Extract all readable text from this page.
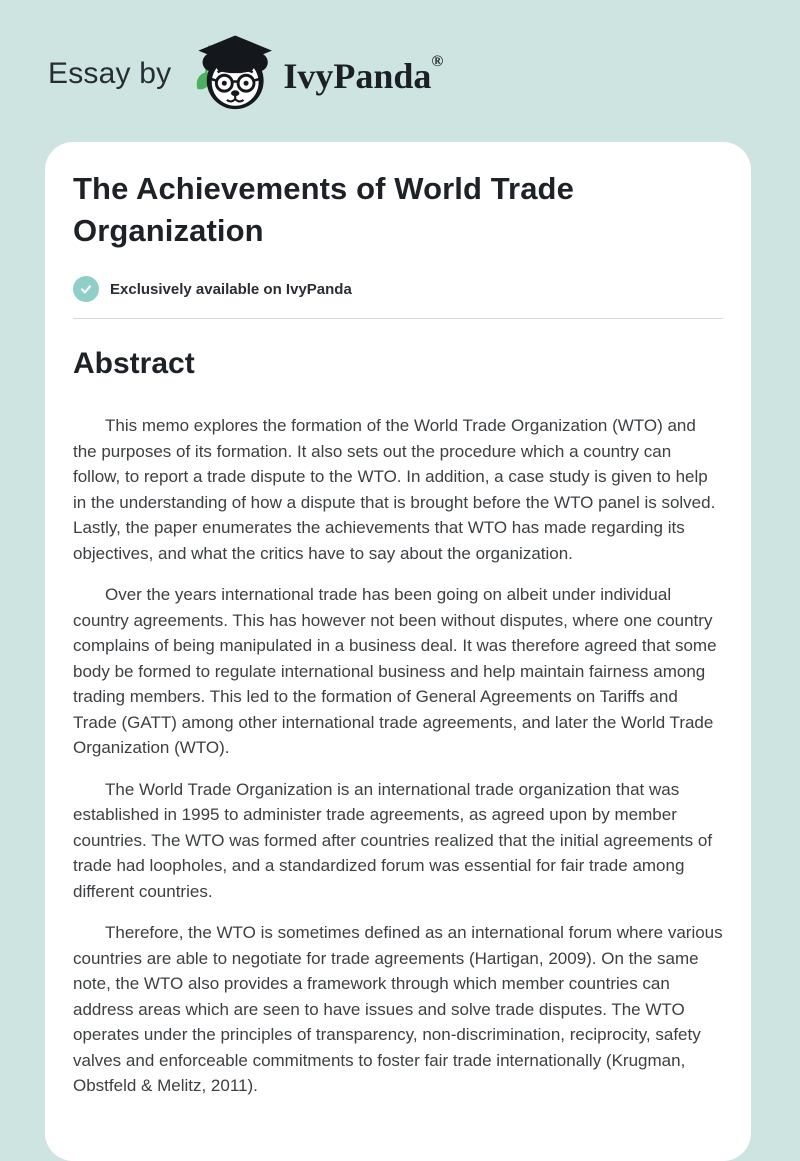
Essay by	IvyPanda®
The Achievements of World Trade Organization
Exclusively available on IvyPanda
Abstract

This memo explores the formation of the World Trade Organization (WTO) and the purposes of its formation. It also sets out the procedure which a country can follow, to report a trade dispute to the WTO. In addition, a case study is given to help in the understanding of how a dispute that is brought before the WTO panel is solved. Lastly, the paper enumerates the achievements that WTO has made regarding its objectives, and what the critics have to say about the organization.

Over the years international trade has been going on albeit under individual country agreements. This has however not been without disputes, where one country complains of being manipulated in a business deal. It was therefore agreed that some body be formed to regulate international business and help maintain fairness among trading members. This led to the formation of General Agreements on Tariffs and Trade (GATT) among other international trade agreements, and later the World Trade Organization (WTO).

The World Trade Organization is an international trade organization that was established in 1995 to administer trade agreements, as agreed upon by member countries. The WTO was formed after countries realized that the initial agreements of trade had loopholes, and a standardized forum was essential for fair trade among different countries.

Therefore, the WTO is sometimes defined as an international forum where various countries are able to negotiate for trade agreements (Hartigan, 2009). On the same note, the WTO also provides a framework through which member countries can address areas which are seen to have issues and solve trade disputes. The WTO operates under the principles of transparency, non-discrimination, reciprocity, safety valves and enforceable commitments to foster fair trade internationally (Krugman, Obstfeld & Melitz, 2011).
